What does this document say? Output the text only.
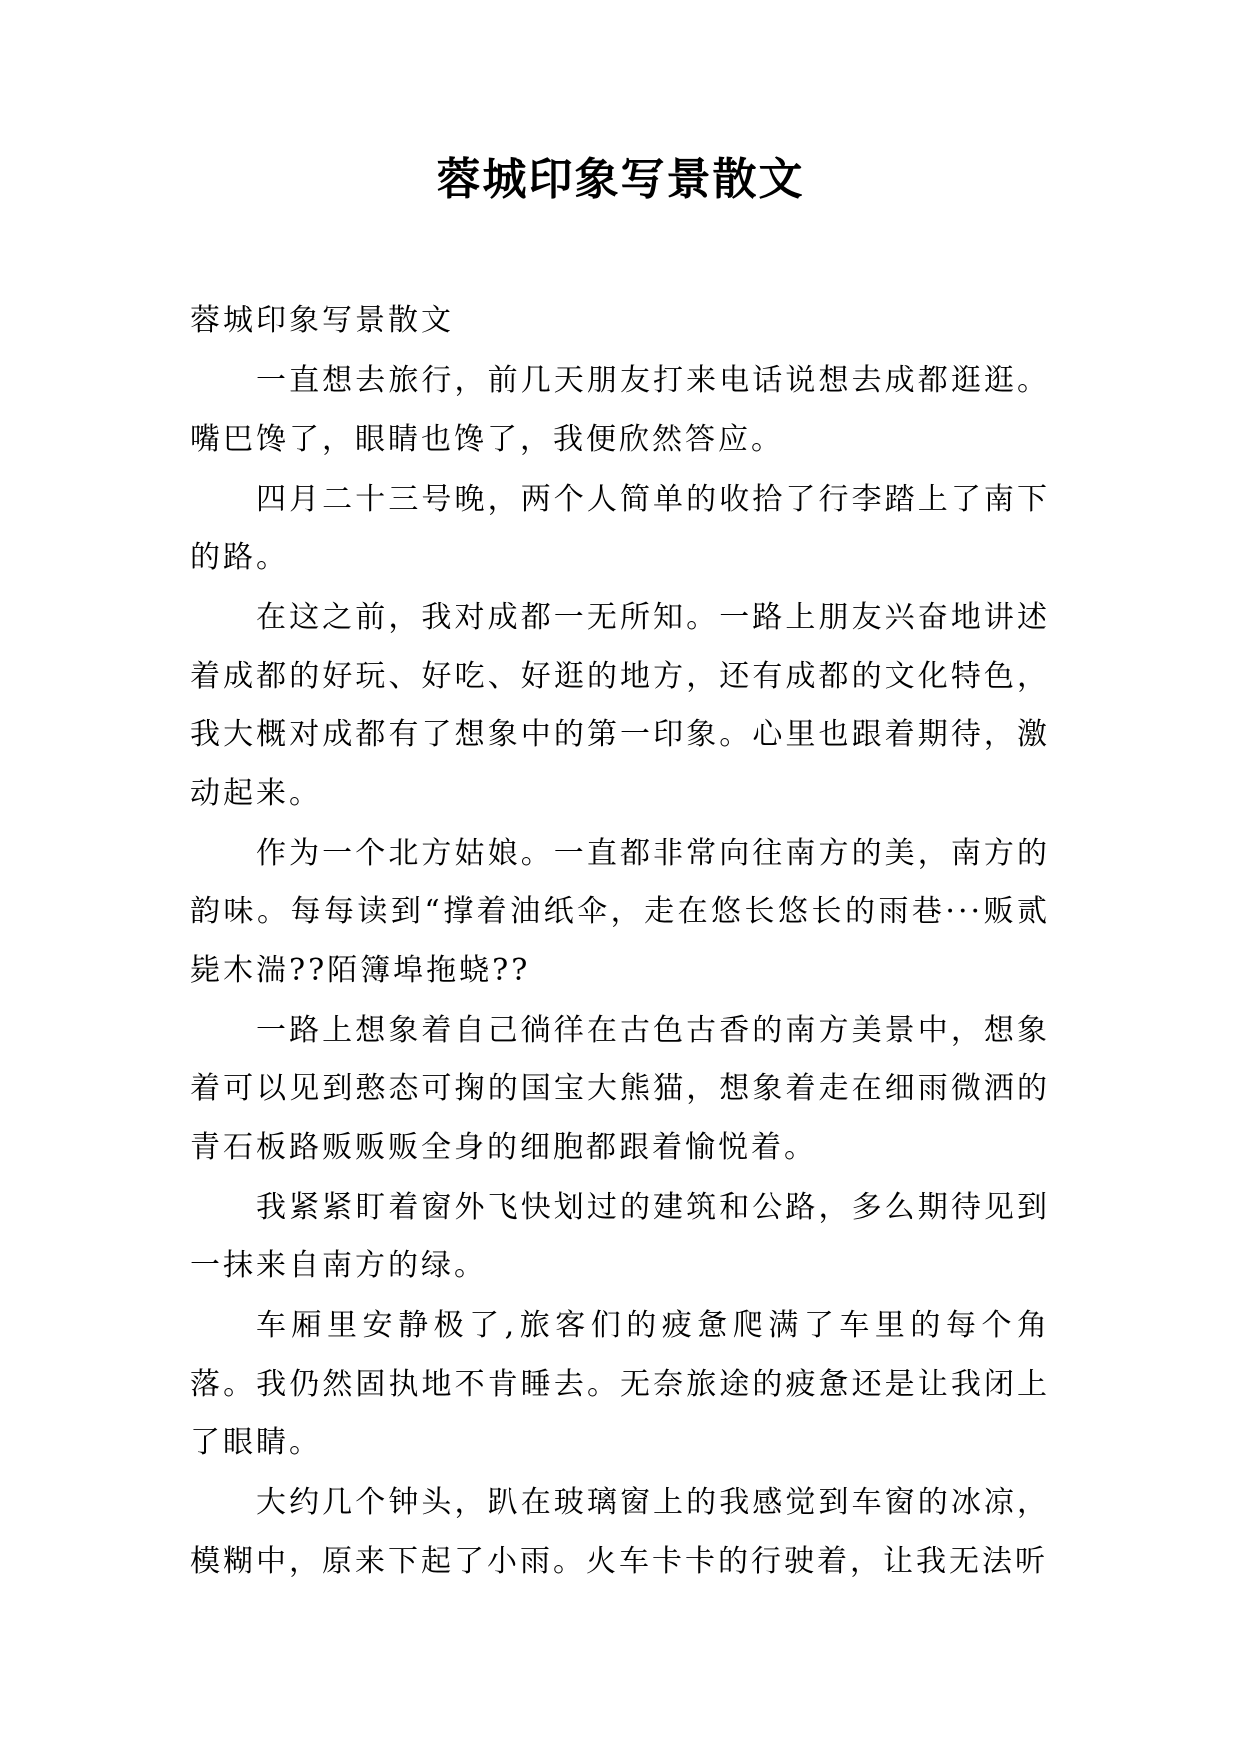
蓉城印象写景散文

蓉城印象写景散文

一直想去旅行，前几天朋友打来电话说想去成都逛逛。嘴巴馋了，眼睛也馋了，我便欣然答应。

四月二十三号晚，两个人简单的收拾了行李踏上了南下的路。

在这之前，我对成都一无所知。一路上朋友兴奋地讲述着成都的好玩、好吃、好逛的地方，还有成都的文化特色，我大概对成都有了想象中的第一印象。心里也跟着期待，激动起来。

作为一个北方姑娘。一直都非常向往南方的美，南方的韵味。每每读到“撑着油纸伞，走在悠长悠长的雨巷···贩贰毙木湍??陌簿埠拖蛲??

一路上想象着自己徜徉在古色古香的南方美景中，想象着可以见到憨态可掬的国宝大熊猫，想象着走在细雨微洒的青石板路贩贩贩全身的细胞都跟着愉悦着。

我紧紧盯着窗外飞快划过的建筑和公路，多么期待见到一抹来自南方的绿。

车厢里安静极了,旅客们的疲惫爬满了车里的每个角落。我仍然固执地不肯睡去。无奈旅途的疲惫还是让我闭上了眼睛。

大约几个钟头，趴在玻璃窗上的我感觉到车窗的冰凉，模糊中，原来下起了小雨。火车卡卡的行驶着，让我无法听
